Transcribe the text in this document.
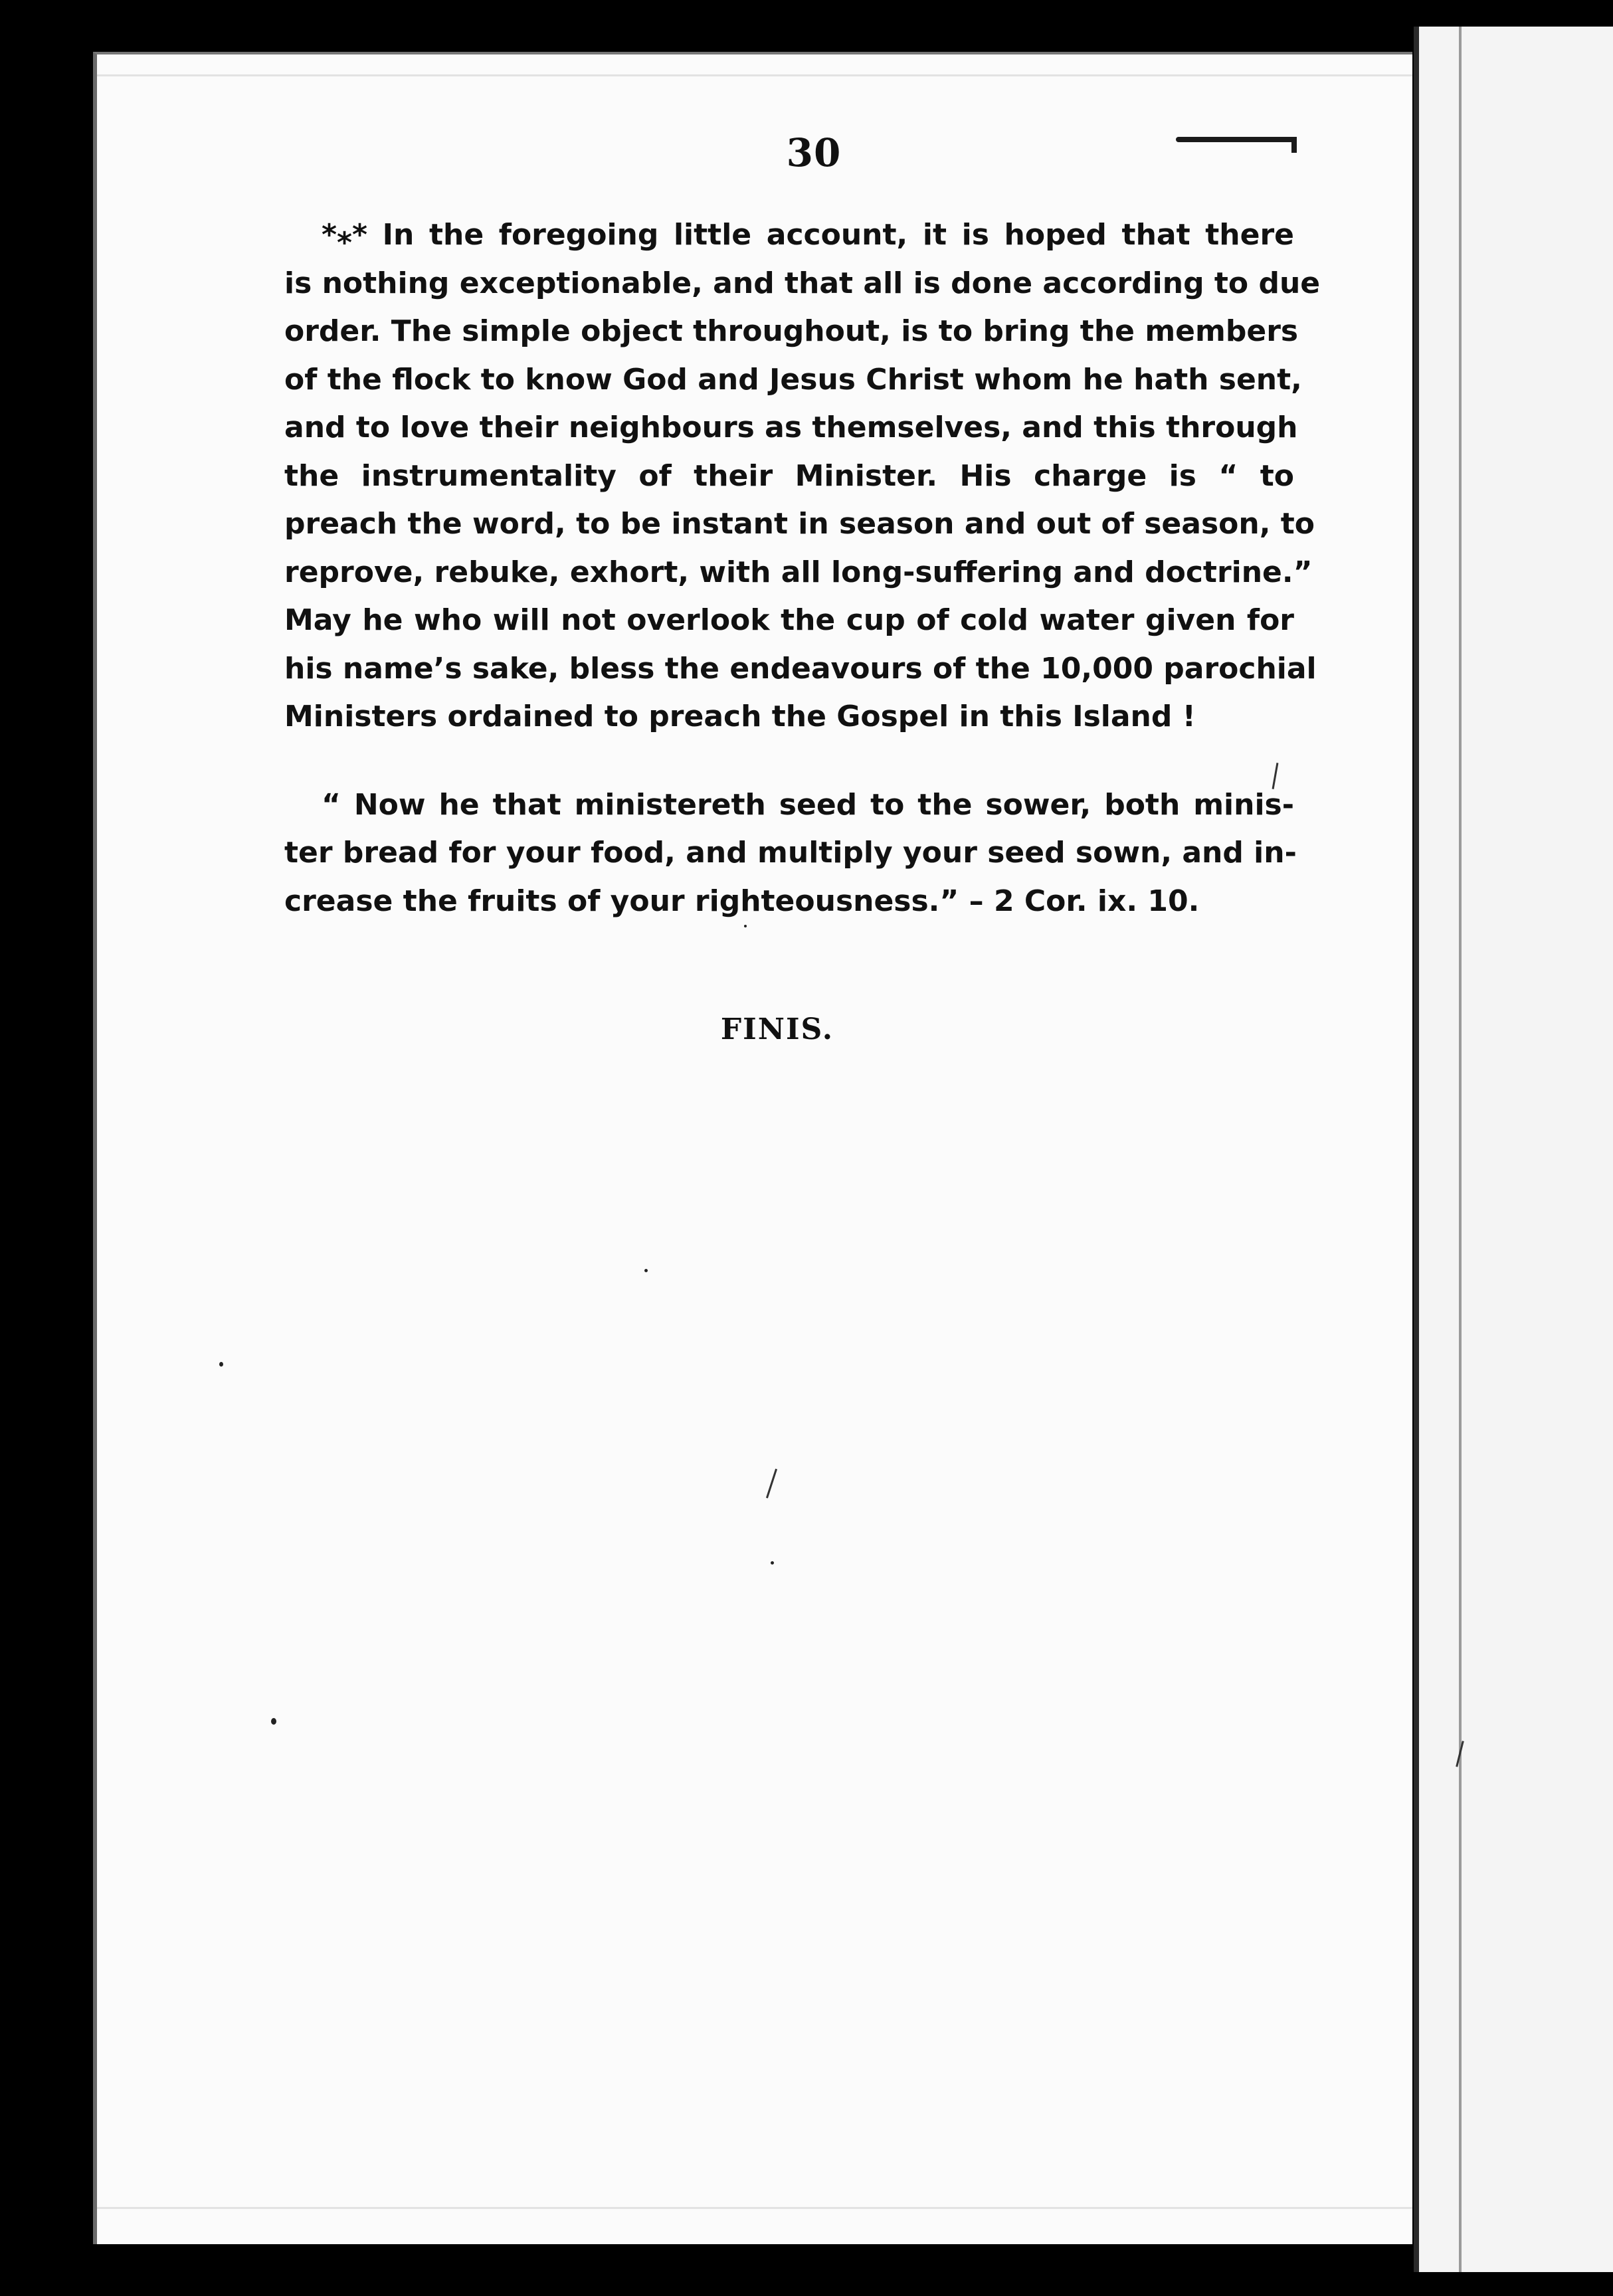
30

*⁎* In the foregoing little account, it is hoped that there
is nothing exceptionable, and that all is done according to due
order. The simple object throughout, is to bring the members
of the flock to know God and Jesus Christ whom he hath sent,
and to love their neighbours as themselves, and this through
the instrumentality of their Minister. His charge is “ to
preach the word, to be instant in season and out of season, to
reprove, rebuke, exhort, with all long-suffering and doctrine.”
May he who will not overlook the cup of cold water given for
his name’s sake, bless the endeavours of the 10,000 parochial
Ministers ordained to preach the Gospel in this Island !

“ Now he that ministereth seed to the sower, both minis-
ter bread for your food, and multiply your seed sown, and in-
crease the fruits of your righteousness.” – 2 Cor. ix. 10.

FINIS.
